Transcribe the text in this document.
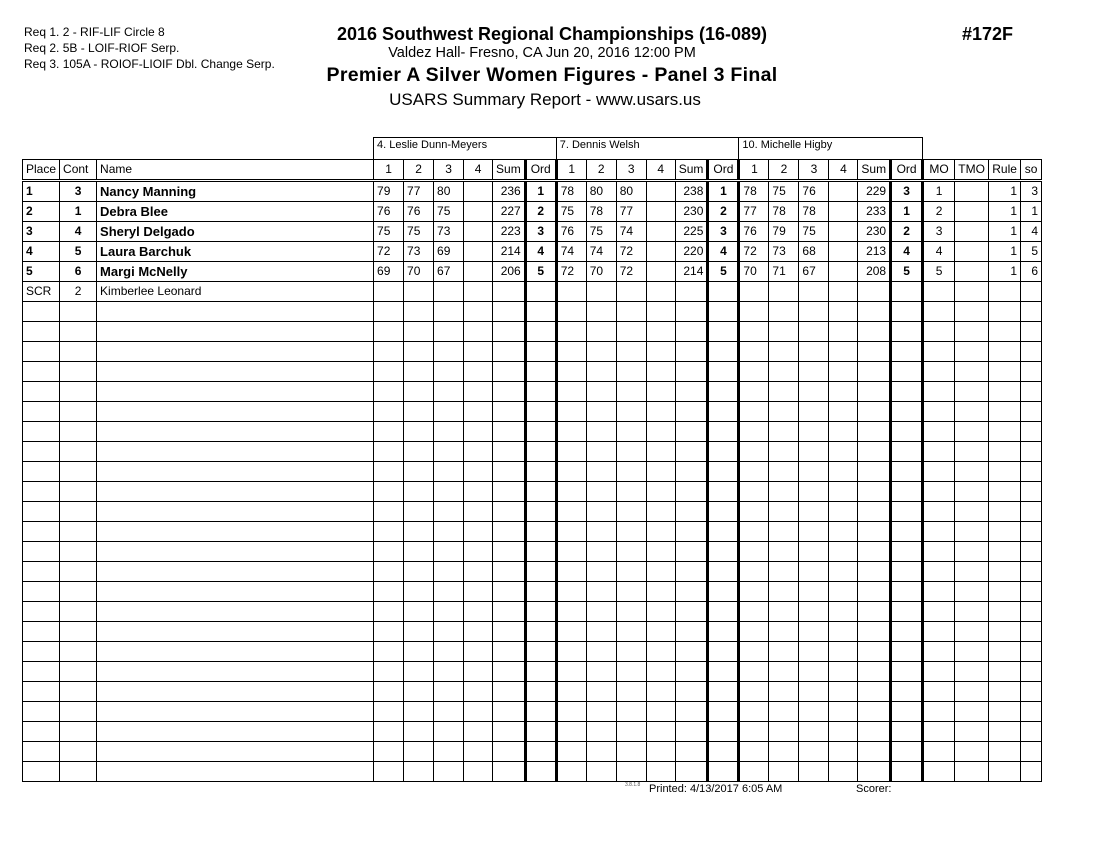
Req 1. 2 - RIF-LIF Circle 8
Req 2. 5B - LOIF-RIOF Serp.
Req 3. 105A - ROIOF-LIOIF Dbl. Change Serp.
2016 Southwest Regional Championships (16-089)
Valdez Hall- Fresno, CA Jun 20, 2016 12:00 PM
Premier A Silver Women Figures - Panel 3 Final
USARS Summary Report - www.usars.us
#172F
			4. Leslie Dunn-Meyers						7. Dennis Welsh						10. Michelle Higby									
Place	Cont	Name	1	2	3	4	Sum	Ord	1	2	3	4	Sum	Ord	1	2	3	4	Sum	Ord	MO	TMO	Rule	so
1	3	Nancy Manning	79	77	80		236	1	78	80	80		238	1	78	75	76		229	3	1		1	3
2	1	Debra Blee	76	76	75		227	2	75	78	77		230	2	77	78	78		233	1	2		1	1
3	4	Sheryl Delgado	75	75	73		223	3	76	75	74		225	3	76	79	75		230	2	3		1	4
4	5	Laura Barchuk	72	73	69		214	4	74	74	72		220	4	72	73	68		213	4	4		1	5
5	6	Margi McNelly	69	70	67		206	5	72	70	72		214	5	70	71	67		208	5	5		1	6
SCR	2	Kimberlee Leonard																						

3.8.1.8 Printed: 4/13/2017 6:05 AM	Scorer:
